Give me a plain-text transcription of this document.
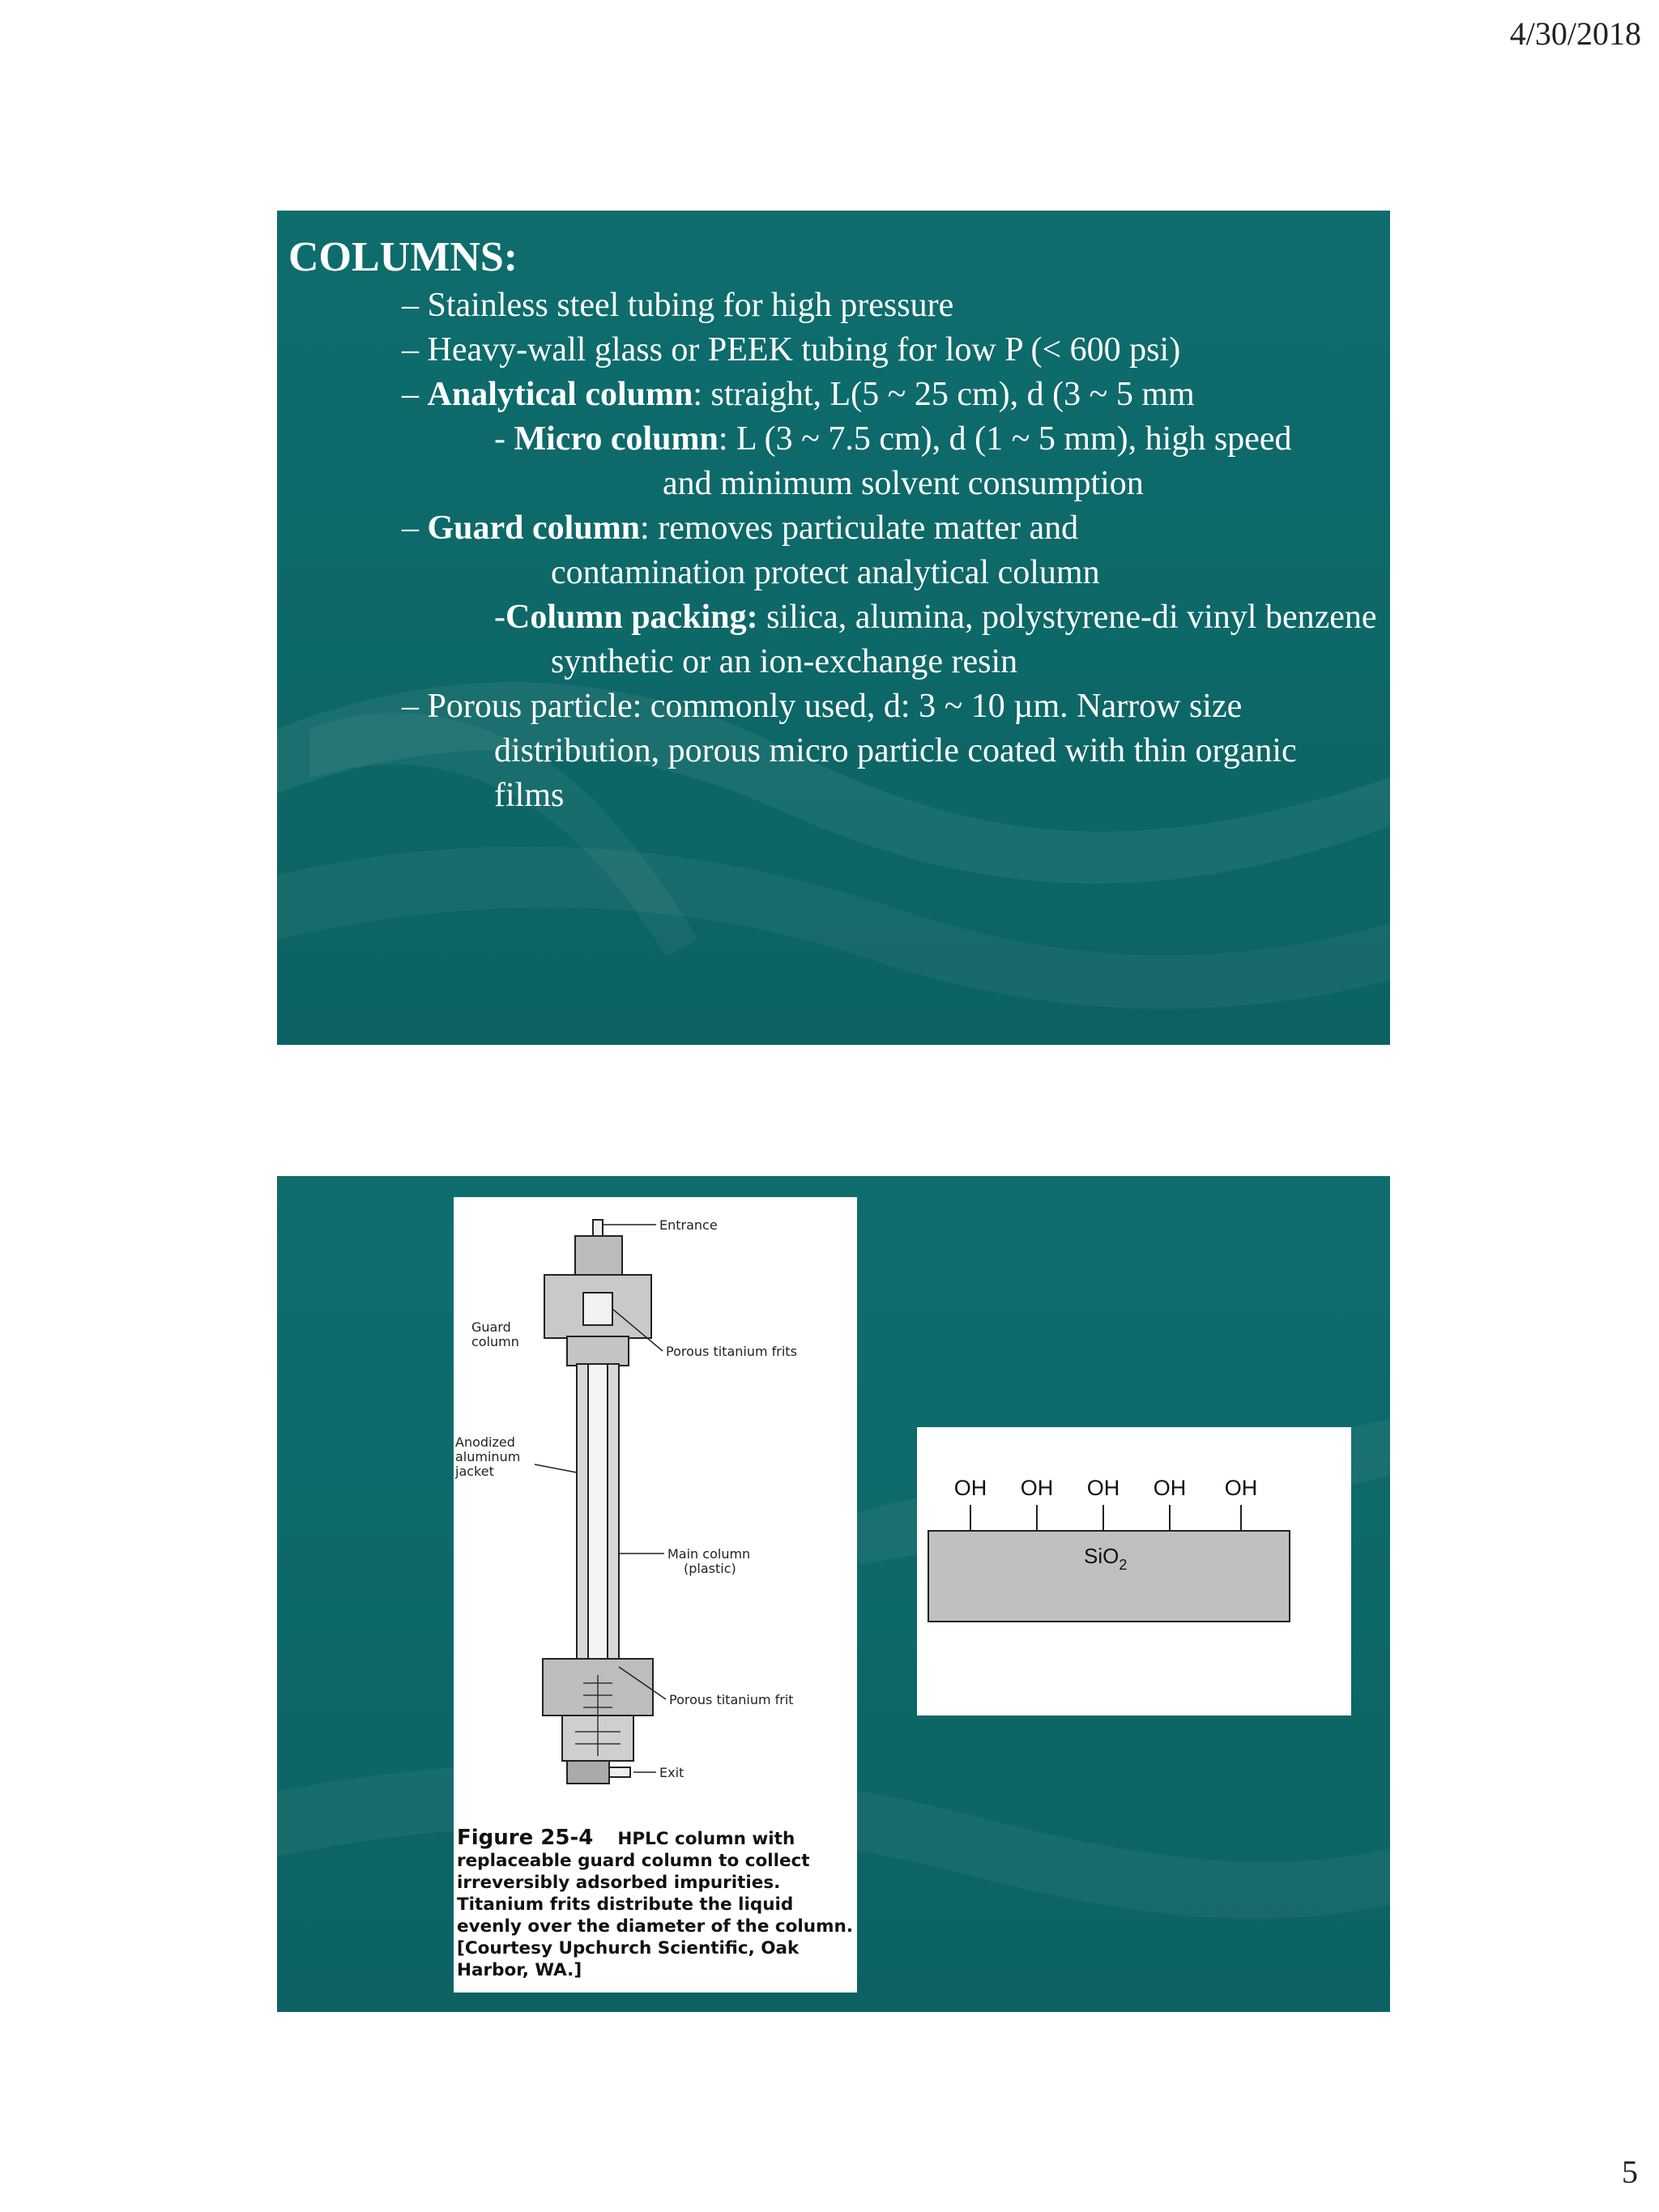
4/30/2018
COLUMNS:
– Stainless steel tubing for high pressure
– Heavy-wall glass or PEEK tubing for low P (< 600 psi)
– Analytical column: straight, L(5 ~ 25 cm), d (3 ~ 5 mm
- Micro column: L (3 ~ 7.5 cm), d (1 ~ 5 mm), high speed
and minimum solvent consumption
– Guard column: removes particulate matter and
contamination protect analytical column
-Column packing: silica, alumina, polystyrene-di vinyl benzene
synthetic or an ion-exchange resin
– Porous particle: commonly used, d: 3 ~ 10 µm. Narrow size
distribution, porous micro particle coated with thin organic
films
Entrance
Guard
column
Porous titanium frits
Anodized
aluminum
jacket
Main column
(plastic)
Porous titanium frit
Exit
Figure 25-4 HPLC column with
replaceable guard column to collect
irreversibly adsorbed impurities.
Titanium frits distribute the liquid
evenly over the diameter of the column.
[Courtesy Upchurch Scientific, Oak
Harbor, WA.]
OH OH OH OH OH
SiO$_2$
5
